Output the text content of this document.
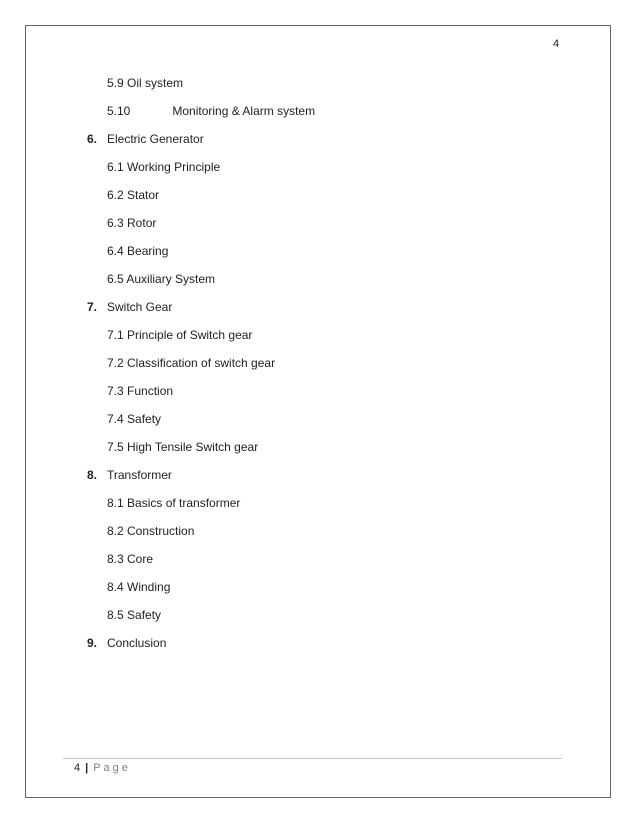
4
5.9 Oil system
5.10	Monitoring & Alarm system
6. Electric Generator
6.1 Working Principle
6.2 Stator
6.3 Rotor
6.4 Bearing
6.5 Auxiliary System
7. Switch Gear
7.1 Principle of Switch gear
7.2 Classification of switch gear
7.3 Function
7.4 Safety
7.5 High Tensile Switch gear
8. Transformer
8.1 Basics of transformer
8.2 Construction
8.3 Core
8.4 Winding
8.5 Safety
9. Conclusion
4 | Page
